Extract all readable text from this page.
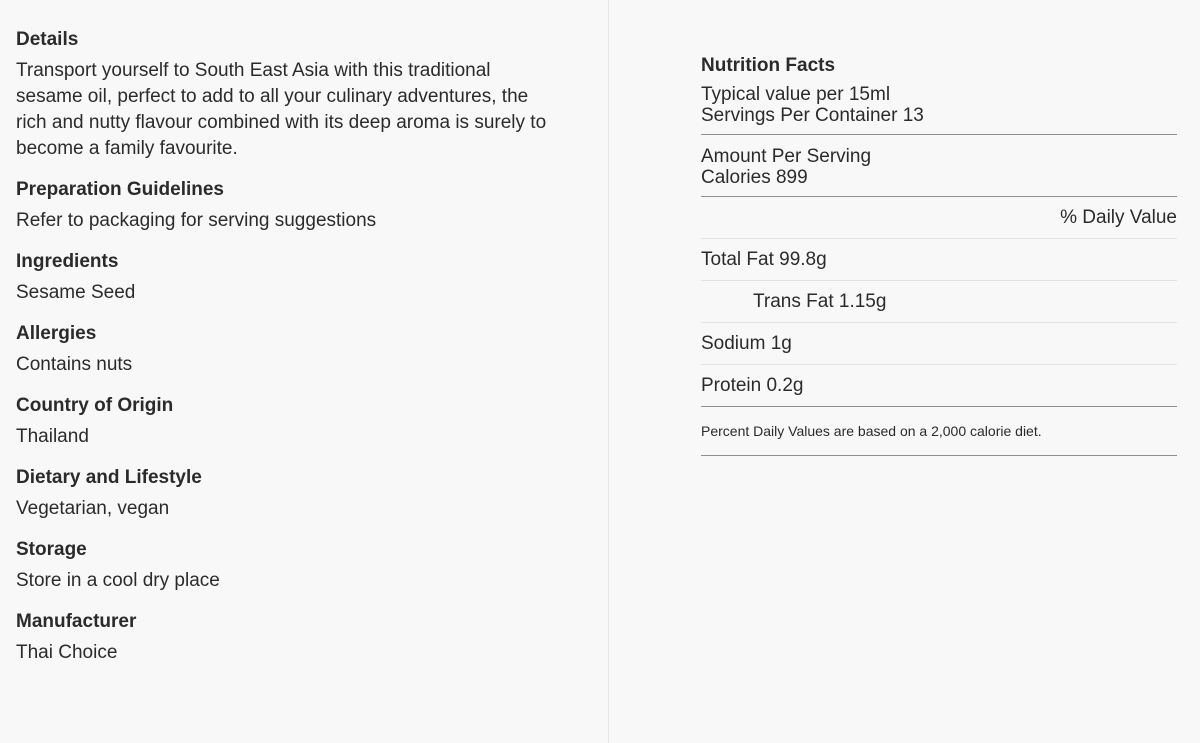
Details

Transport yourself to South East Asia with this traditional sesame oil, perfect to add to all your culinary adventures, the rich and nutty flavour combined with its deep aroma is surely to become a family favourite.

Preparation Guidelines

Refer to packaging for serving suggestions

Ingredients

Sesame Seed

Allergies

Contains nuts

Country of Origin

Thailand

Dietary and Lifestyle

Vegetarian, vegan

Storage

Store in a cool dry place

Manufacturer

Thai Choice

Nutrition Facts
Typical value per 15ml
Servings Per Container 13
Amount Per Serving
Calories 899
% Daily Value
Total Fat 99.8g
Trans Fat 1.15g
Sodium 1g
Protein 0.2g
Percent Daily Values are based on a 2,000 calorie diet.
